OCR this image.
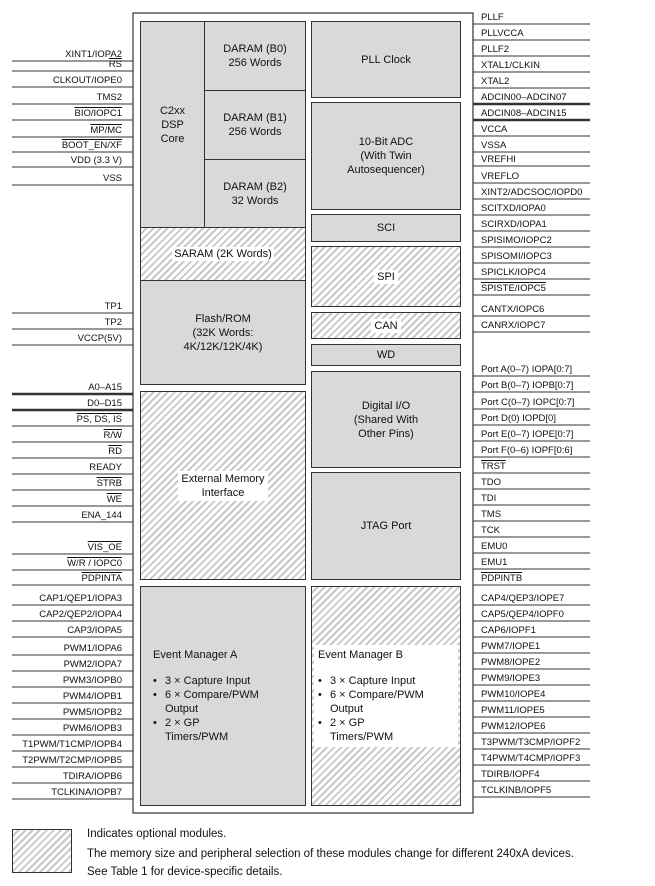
C2xx
DSP
Core
DARAM (B0)
256 Words
DARAM (B1)
256 Words
DARAM (B2)
32 Words
SARAM (2K Words)
Flash/ROM
(32K Words:
4K/12K/12K/4K)
External Memory
Interface
Event Manager A
• 3 × Capture Input
• 6 × Compare/PWM Output
• 2 × GP Timers/PWM
PLL Clock
10-Bit ADC
(With Twin
Autosequencer)
SCI
SPI
CAN
WD
Digital I/O
(Shared With
Other Pins)
JTAG Port
Event Manager B
• 3 × Capture Input
• 6 × Compare/PWM Output
• 2 × GP Timers/PWM
XINT1/IOPA2
$\overline{RS}$
CLKOUT/IOPE0
TMS2
BIO/IOPC1
MP/MC
BOOT_EN/XF
VDD (3.3 V)
VSS
TP1
TP2
VCCP(5V)
A0–A15
D0–D15
PS, DS, IS
R/W
$\overline{RD}$
READY
STRB
$\overline{WE}$
ENA_144
VIS_OE
W/R / IOPC0
PDPINTA
CAP1/QEP1/IOPA3
CAP2/QEP2/IOPA4
CAP3/IOPA5
PWM1/IOPA6
PWM2/IOPA7
PWM3/IOPB0
PWM4/IOPB1
PWM5/IOPB2
PWM6/IOPB3
T1PWM/T1CMP/IOPB4
T2PWM/T2CMP/IOPB5
TDIRA/IOPB6
TCLKINA/IOPB7
PLLF
PLLVCCA
PLLF2
XTAL1/CLKIN
XTAL2
ADCIN00–ADCIN07
ADCIN08–ADCIN15
VCCA
VSSA
VREFHI
VREFLO
XINT2/ADCSOC/IOPD0
SCITXD/IOPA0
SCIRXD/IOPA1
SPISIMO/IOPC2
SPISOMI/IOPC3
SPICLK/IOPC4
SPISTE/IOPC5
CANTX/IOPC6
CANRX/IOPC7
Port A(0–7) IOPA[0:7]
Port B(0–7) IOPB[0:7]
Port C(0–7) IOPC[0:7]
Port D(0) IOPD[0]
Port E(0–7) IOPE[0:7]
Port F(0–6) IOPF[0:6]
TRST
TDO
TDI
TMS
TCK
EMU0
EMU1
PDPINTB
CAP4/QEP3/IOPE7
CAP5/QEP4/IOPF0
CAP6/IOPF1
PWM7/IOPE1
PWM8/IOPE2
PWM9/IOPE3
PWM10/IOPE4
PWM11/IOPE5
PWM12/IOPE6
T3PWM/T3CMP/IOPF2
T4PWM/T4CMP/IOPF3
TDIRB/IOPF4
TCLKINB/IOPF5
Indicates optional modules.
The memory size and peripheral selection of these modules change for different 240xA devices.
See Table 1 for device-specific details.
